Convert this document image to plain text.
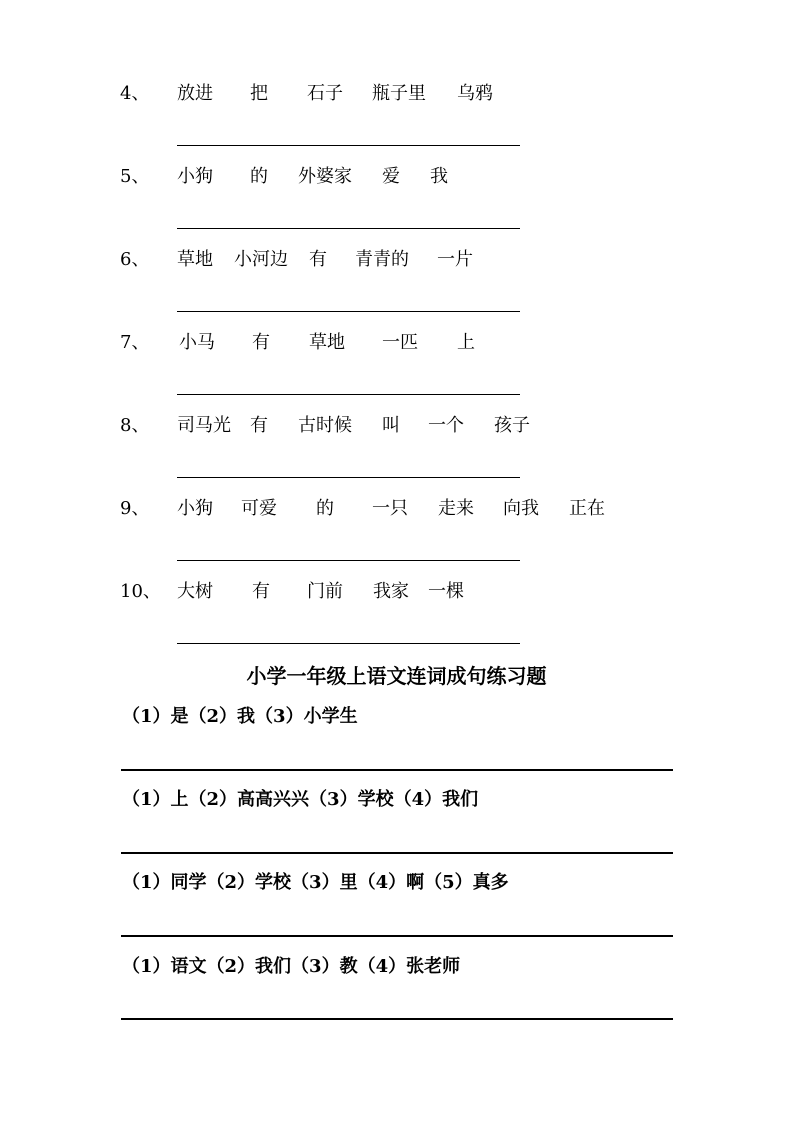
4、 放进 把 石子 瓶子里 乌鸦
5、 小狗 的 外婆家 爱 我
6、 草地 小河边 有 青青的 一片
7、 小马 有 草地 一匹 上
8、 司马光 有 古时候 叫 一个 孩子
9、 小狗 可爱 的 一只 走来 向我 正在
10、 大树 有 门前 我家 一棵
小学一年级上语文连词成句练习题
（1）是（2）我（3）小学生
（1）上（2）高高兴兴（3）学校（4）我们
（1）同学（2）学校（3）里（4）啊（5）真多
（1）语文（2）我们（3）教（4）张老师
